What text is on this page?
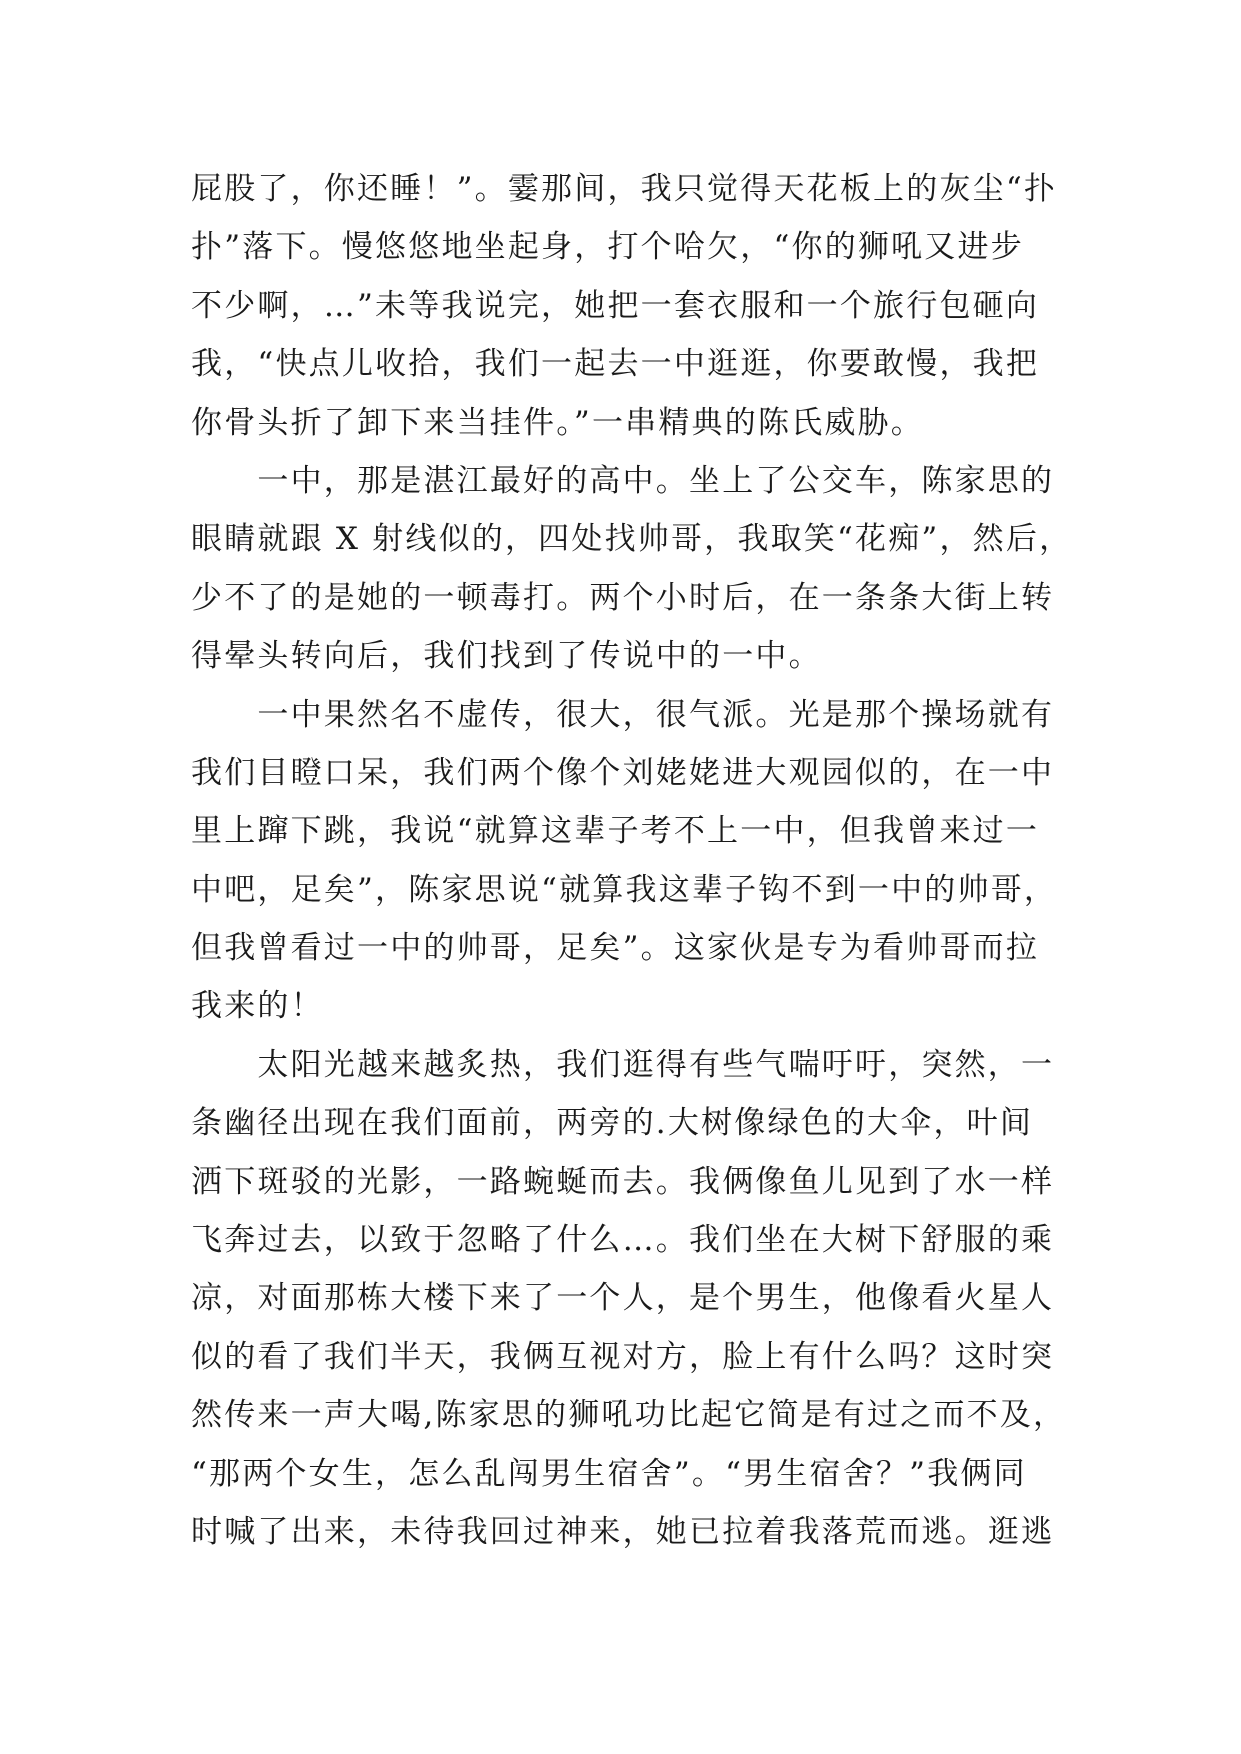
屁股了，你还睡！”。霎那间，我只觉得天花板上的灰尘“扑
扑”落下。慢悠悠地坐起身，打个哈欠，“你的狮吼又进步
不少啊，…”未等我说完，她把一套衣服和一个旅行包砸向
我，“快点儿收拾，我们一起去一中逛逛，你要敢慢，我把
你骨头折了卸下来当挂件。”一串精典的陈氏威胁。
　　一中，那是湛江最好的高中。坐上了公交车，陈家思的
眼睛就跟 X 射线似的，四处找帅哥，我取笑“花痴”，然后，
少不了的是她的一顿毒打。两个小时后，在一条条大街上转
得晕头转向后，我们找到了传说中的一中。
　　一中果然名不虚传，很大，很气派。光是那个操场就有
我们目瞪口呆，我们两个像个刘姥姥进大观园似的，在一中
里上蹿下跳，我说“就算这辈子考不上一中，但我曾来过一
中吧，足矣”，陈家思说“就算我这辈子钩不到一中的帅哥，
但我曾看过一中的帅哥，足矣”。这家伙是专为看帅哥而拉
我来的！
　　太阳光越来越炙热，我们逛得有些气喘吁吁，突然，一
条幽径出现在我们面前，两旁的.大树像绿色的大伞，叶间
洒下斑驳的光影，一路蜿蜒而去。我俩像鱼儿见到了水一样
飞奔过去，以致于忽略了什么…。我们坐在大树下舒服的乘
凉，对面那栋大楼下来了一个人，是个男生，他像看火星人
似的看了我们半天，我俩互视对方，脸上有什么吗？这时突
然传来一声大喝,陈家思的狮吼功比起它简是有过之而不及，
“那两个女生，怎么乱闯男生宿舍”。“男生宿舍？”我俩同
时喊了出来，未待我回过神来，她已拉着我落荒而逃。逛逃
